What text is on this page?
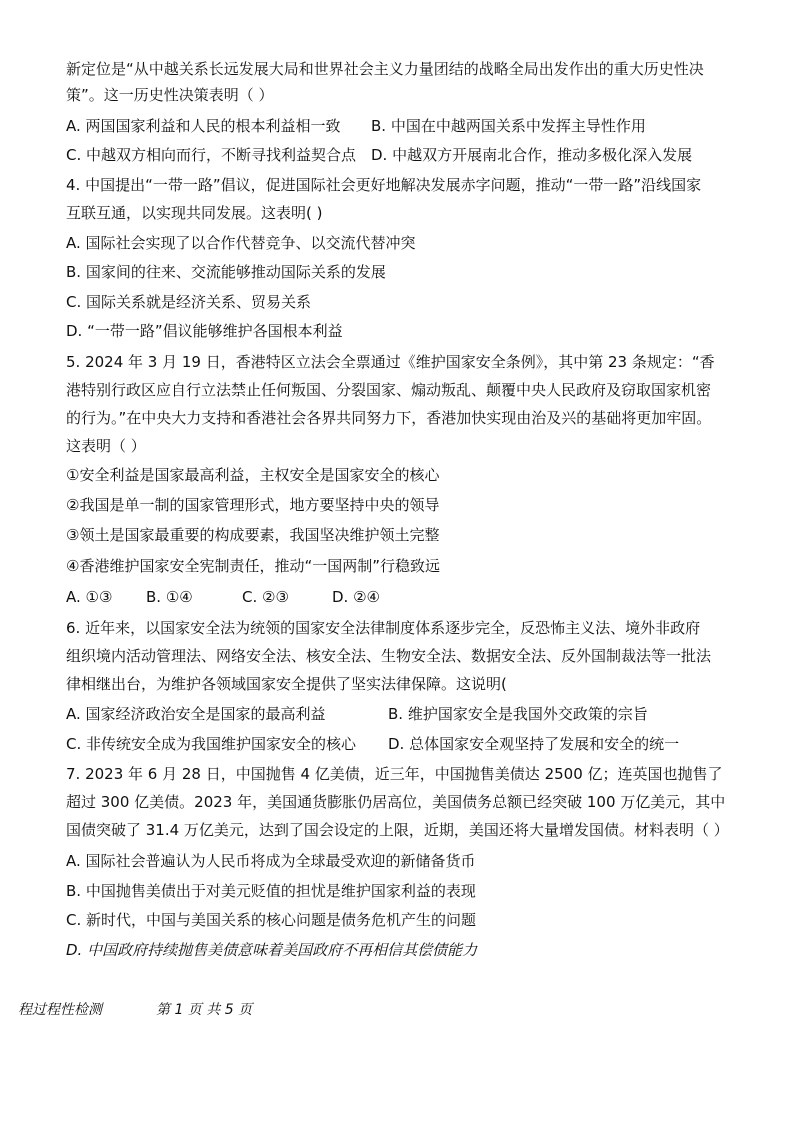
新定位是“从中越关系长远发展大局和世界社会主义力量团结的战略全局出发作出的重大历史性决
策”。这一历史性决策表明（ ）
A. 两国国家利益和人民的根本利益相一致 B. 中国在中越两国关系中发挥主导性作用
C. 中越双方相向而行，不断寻找利益契合点 D. 中越双方开展南北合作，推动多极化深入发展
4. 中国提出“一带一路”倡议，促进国际社会更好地解决发展赤字问题，推动“一带一路”沿线国家
互联互通，以实现共同发展。这表明( )
A. 国际社会实现了以合作代替竞争、以交流代替冲突
B. 国家间的往来、交流能够推动国际关系的发展
C. 国际关系就是经济关系、贸易关系
D. “一带一路”倡议能够维护各国根本利益
5. 2024 年 3 月 19 日，香港特区立法会全票通过《维护国家安全条例》，其中第 23 条规定：“香
港特别行政区应自行立法禁止任何叛国、分裂国家、煽动叛乱、颠覆中央人民政府及窃取国家机密
的行为。”在中央大力支持和香港社会各界共同努力下，香港加快实现由治及兴的基础将更加牢固。
这表明（ ）
①安全利益是国家最高利益，主权安全是国家安全的核心
②我国是单一制的国家管理形式，地方要坚持中央的领导
③领土是国家最重要的构成要素，我国坚决维护领土完整
④香港维护国家安全宪制责任，推动“一国两制”行稳致远
A. ①③ B. ①④	C. ②③	D. ②④
6. 近年来，以国家安全法为统领的国家安全法律制度体系逐步完全，反恐怖主义法、境外非政府
组织境内活动管理法、网络安全法、核安全法、生物安全法、数据安全法、反外国制裁法等一批法
律相继出台，为维护各领域国家安全提供了坚实法律保障。这说明(
A. 国家经济政治安全是国家的最高利益	B. 维护国家安全是我国外交政策的宗旨
C. 非传统安全成为我国维护国家安全的核心 D. 总体国家安全观坚持了发展和安全的统一
7. 2023 年 6 月 28 日，中国抛售 4 亿美债，近三年，中国抛售美债达 2500 亿；连英国也抛售了
超过 300 亿美债。2023 年，美国通货膨胀仍居高位，美国债务总额已经突破 100 万亿美元，其中
国债突破了 31.4 万亿美元，达到了国会设定的上限，近期，美国还将大量增发国债。材料表明（ ）
A. 国际社会普遍认为人民币将成为全球最受欢迎的新储备货币
B. 中国抛售美债出于对美元贬值的担忧是维护国家利益的表现
C. 新时代，中国与美国关系的核心问题是债务危机产生的问题
D. 中国政府持续抛售美债意味着美国政府不再相信其偿债能力
程过程性检测	第 1 页 共 5 页
